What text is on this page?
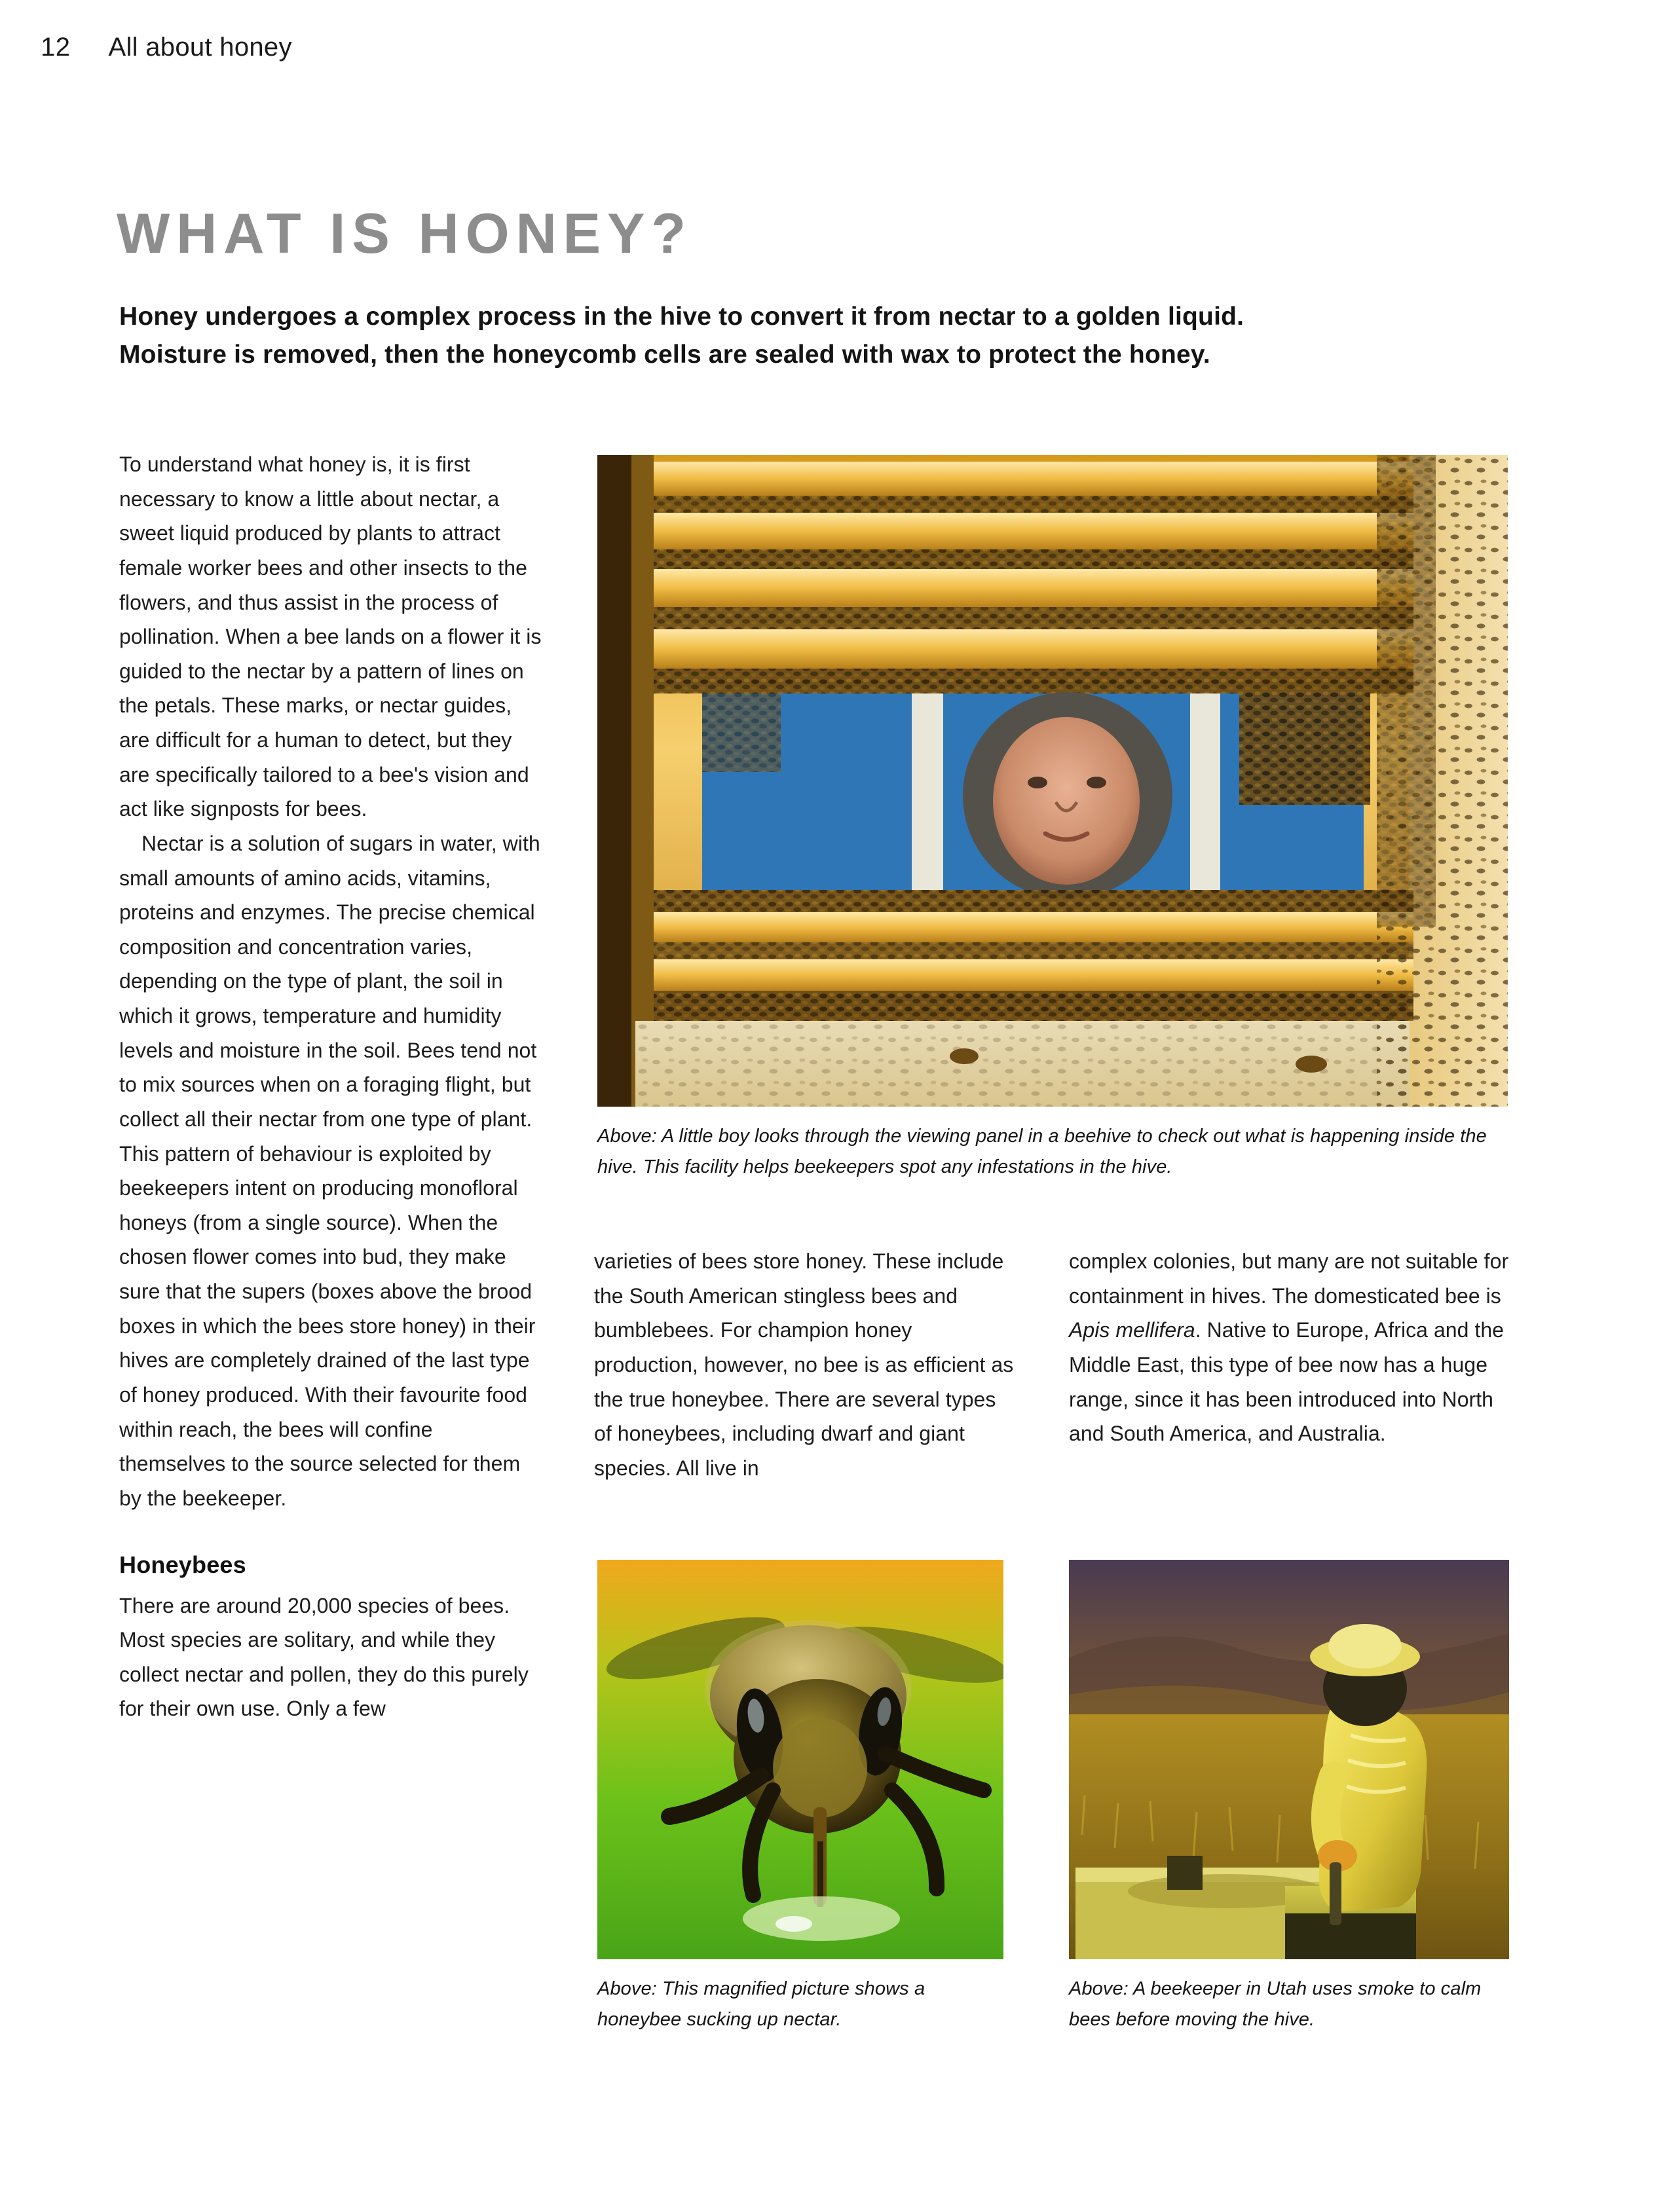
12 All about honey
WHAT IS HONEY?
Honey undergoes a complex process in the hive to convert it from nectar to a golden liquid.
Moisture is removed, then the honeycomb cells are sealed with wax to protect the honey.

To understand what honey is, it is first necessary to know a little about nectar, a sweet liquid produced by plants to attract female worker bees and other insects to the flowers, and thus assist in the process of pollination. When a bee lands on a flower it is guided to the nectar by a pattern of lines on the petals. These marks, or nectar guides, are difficult for a human to detect, but they are specifically tailored to a bee's vision and act like signposts for bees.

Nectar is a solution of sugars in water, with small amounts of amino acids, vitamins, proteins and enzymes. The precise chemical composition and concentration varies, depending on the type of plant, the soil in which it grows, temperature and humidity levels and moisture in the soil. Bees tend not to mix sources when on a foraging flight, but collect all their nectar from one type of plant. This pattern of behaviour is exploited by beekeepers intent on producing monofloral honeys (from a single source). When the chosen flower comes into bud, they make sure that the supers (boxes above the brood boxes in which the bees store honey) in their hives are completely drained of the last type of honey produced. With their favourite food within reach, the bees will confine themselves to the source selected for them by the beekeeper.

Honeybees

There are around 20,000 species of bees. Most species are solitary, and while they collect nectar and pollen, they do this purely for their own use. Only a few

varieties of bees store honey. These include the South American stingless bees and bumblebees. For champion honey production, however, no bee is as efficient as the true honeybee. There are several types of honeybees, including dwarf and giant species. All live in

complex colonies, but many are not suitable for containment in hives. The domesticated bee is Apis mellifera. Native to Europe, Africa and the Middle East, this type of bee now has a huge range, since it has been introduced into North and South America, and Australia.

Above: A little boy looks through the viewing panel in a beehive to check out what is happening inside the hive. This facility helps beekeepers spot any infestations in the hive.
Above: This magnified picture shows a honeybee sucking up nectar.
Above: A beekeeper in Utah uses smoke to calm bees before moving the hive.
